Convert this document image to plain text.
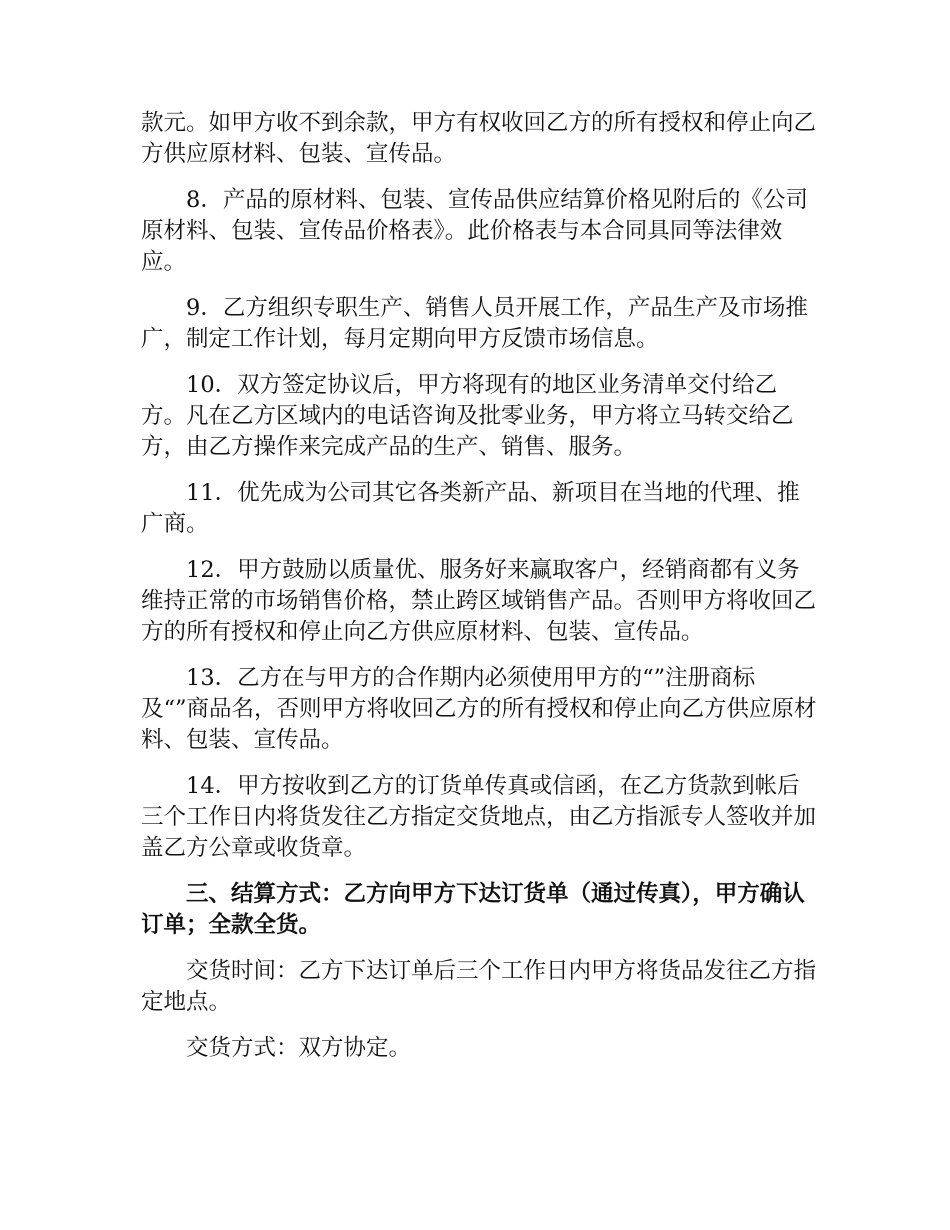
款元。如甲方收不到余款，甲方有权收回乙方的所有授权和停止向乙方供应原材料、包装、宣传品。

8．产品的原材料、包装、宣传品供应结算价格见附后的《公司原材料、包装、宣传品价格表》。此价格表与本合同具同等法律效应。

9．乙方组织专职生产、销售人员开展工作，产品生产及市场推广，制定工作计划，每月定期向甲方反馈市场信息。

10．双方签定协议后，甲方将现有的地区业务清单交付给乙方。凡在乙方区域内的电话咨询及批零业务，甲方将立马转交给乙方，由乙方操作来完成产品的生产、销售、服务。

11．优先成为公司其它各类新产品、新项目在当地的代理、推广商。

12．甲方鼓励以质量优、服务好来赢取客户，经销商都有义务维持正常的市场销售价格，禁止跨区域销售产品。否则甲方将收回乙方的所有授权和停止向乙方供应原材料、包装、宣传品。

13．乙方在与甲方的合作期内必须使用甲方的“”注册商标及“”商品名，否则甲方将收回乙方的所有授权和停止向乙方供应原材料、包装、宣传品。

14．甲方按收到乙方的订货单传真或信函，在乙方货款到帐后三个工作日内将货发往乙方指定交货地点，由乙方指派专人签收并加盖乙方公章或收货章。

三、结算方式：乙方向甲方下达订货单（通过传真），甲方确认订单；全款全货。

交货时间：乙方下达订单后三个工作日内甲方将货品发往乙方指定地点。

交货方式：双方协定。
